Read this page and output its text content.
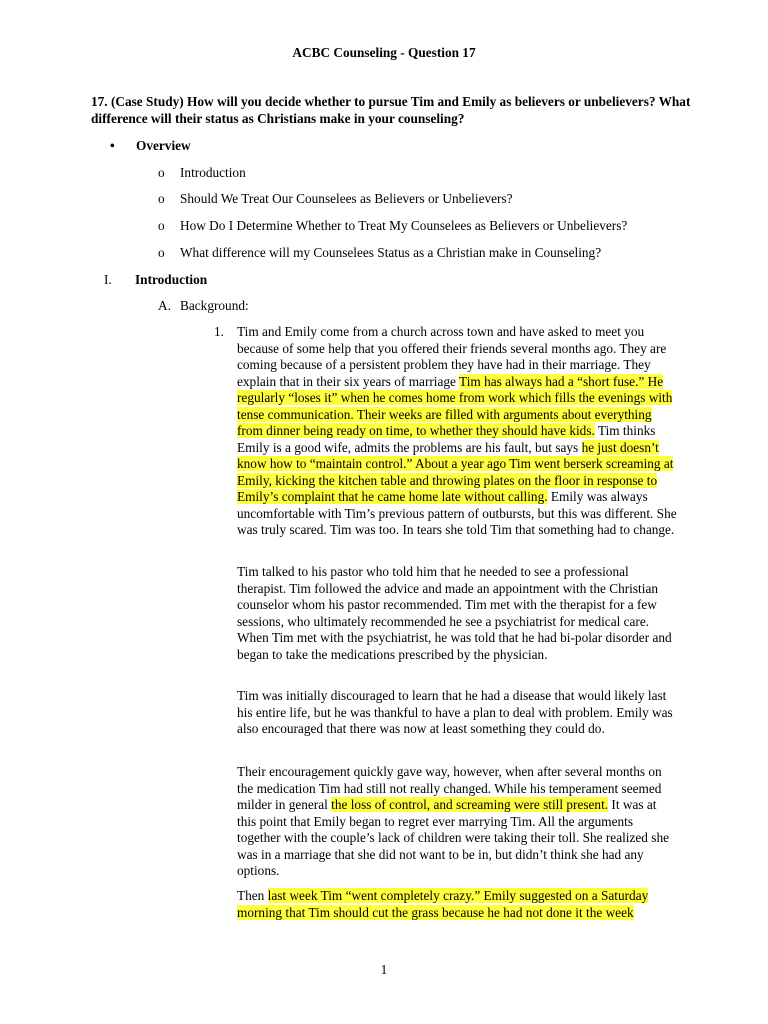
ACBC Counseling - Question 17
17. (Case Study) How will you decide whether to pursue Tim and Emily as believers or unbelievers? What difference will their status as Christians make in your counseling?
• Overview
o Introduction
o Should We Treat Our Counselees as Believers or Unbelievers?
o How Do I Determine Whether to Treat My Counselees as Believers or Unbelievers?
o What difference will my Counselees Status as a Christian make in Counseling?
I. Introduction
A. Background:
1. Tim and Emily come from a church across town and have asked to meet you because of some help that you offered their friends several months ago. They are coming because of a persistent problem they have had in their marriage. They explain that in their six years of marriage Tim has always had a “short fuse.” He regularly “loses it” when he comes home from work which fills the evenings with tense communication. Their weeks are filled with arguments about everything from dinner being ready on time, to whether they should have kids. Tim thinks Emily is a good wife, admits the problems are his fault, but says he just doesn’t know how to “maintain control.” About a year ago Tim went berserk screaming at Emily, kicking the kitchen table and throwing plates on the floor in response to Emily’s complaint that he came home late without calling. Emily was always uncomfortable with Tim’s previous pattern of outbursts, but this was different. She was truly scared. Tim was too. In tears she told Tim that something had to change.

Tim talked to his pastor who told him that he needed to see a professional therapist. Tim followed the advice and made an appointment with the Christian counselor whom his pastor recommended. Tim met with the therapist for a few sessions, who ultimately recommended he see a psychiatrist for medical care. When Tim met with the psychiatrist, he was told that he had bi-polar disorder and began to take the medications prescribed by the physician.

Tim was initially discouraged to learn that he had a disease that would likely last his entire life, but he was thankful to have a plan to deal with problem. Emily was also encouraged that there was now at least something they could do.

Their encouragement quickly gave way, however, when after several months on the medication Tim had still not really changed. While his temperament seemed milder in general the loss of control, and screaming were still present. It was at this point that Emily began to regret ever marrying Tim. All the arguments together with the couple’s lack of children were taking their toll. She realized she was in a marriage that she did not want to be in, but didn’t think she had any options.

Then last week Tim “went completely crazy.” Emily suggested on a Saturday morning that Tim should cut the grass because he had not done it the week

1
